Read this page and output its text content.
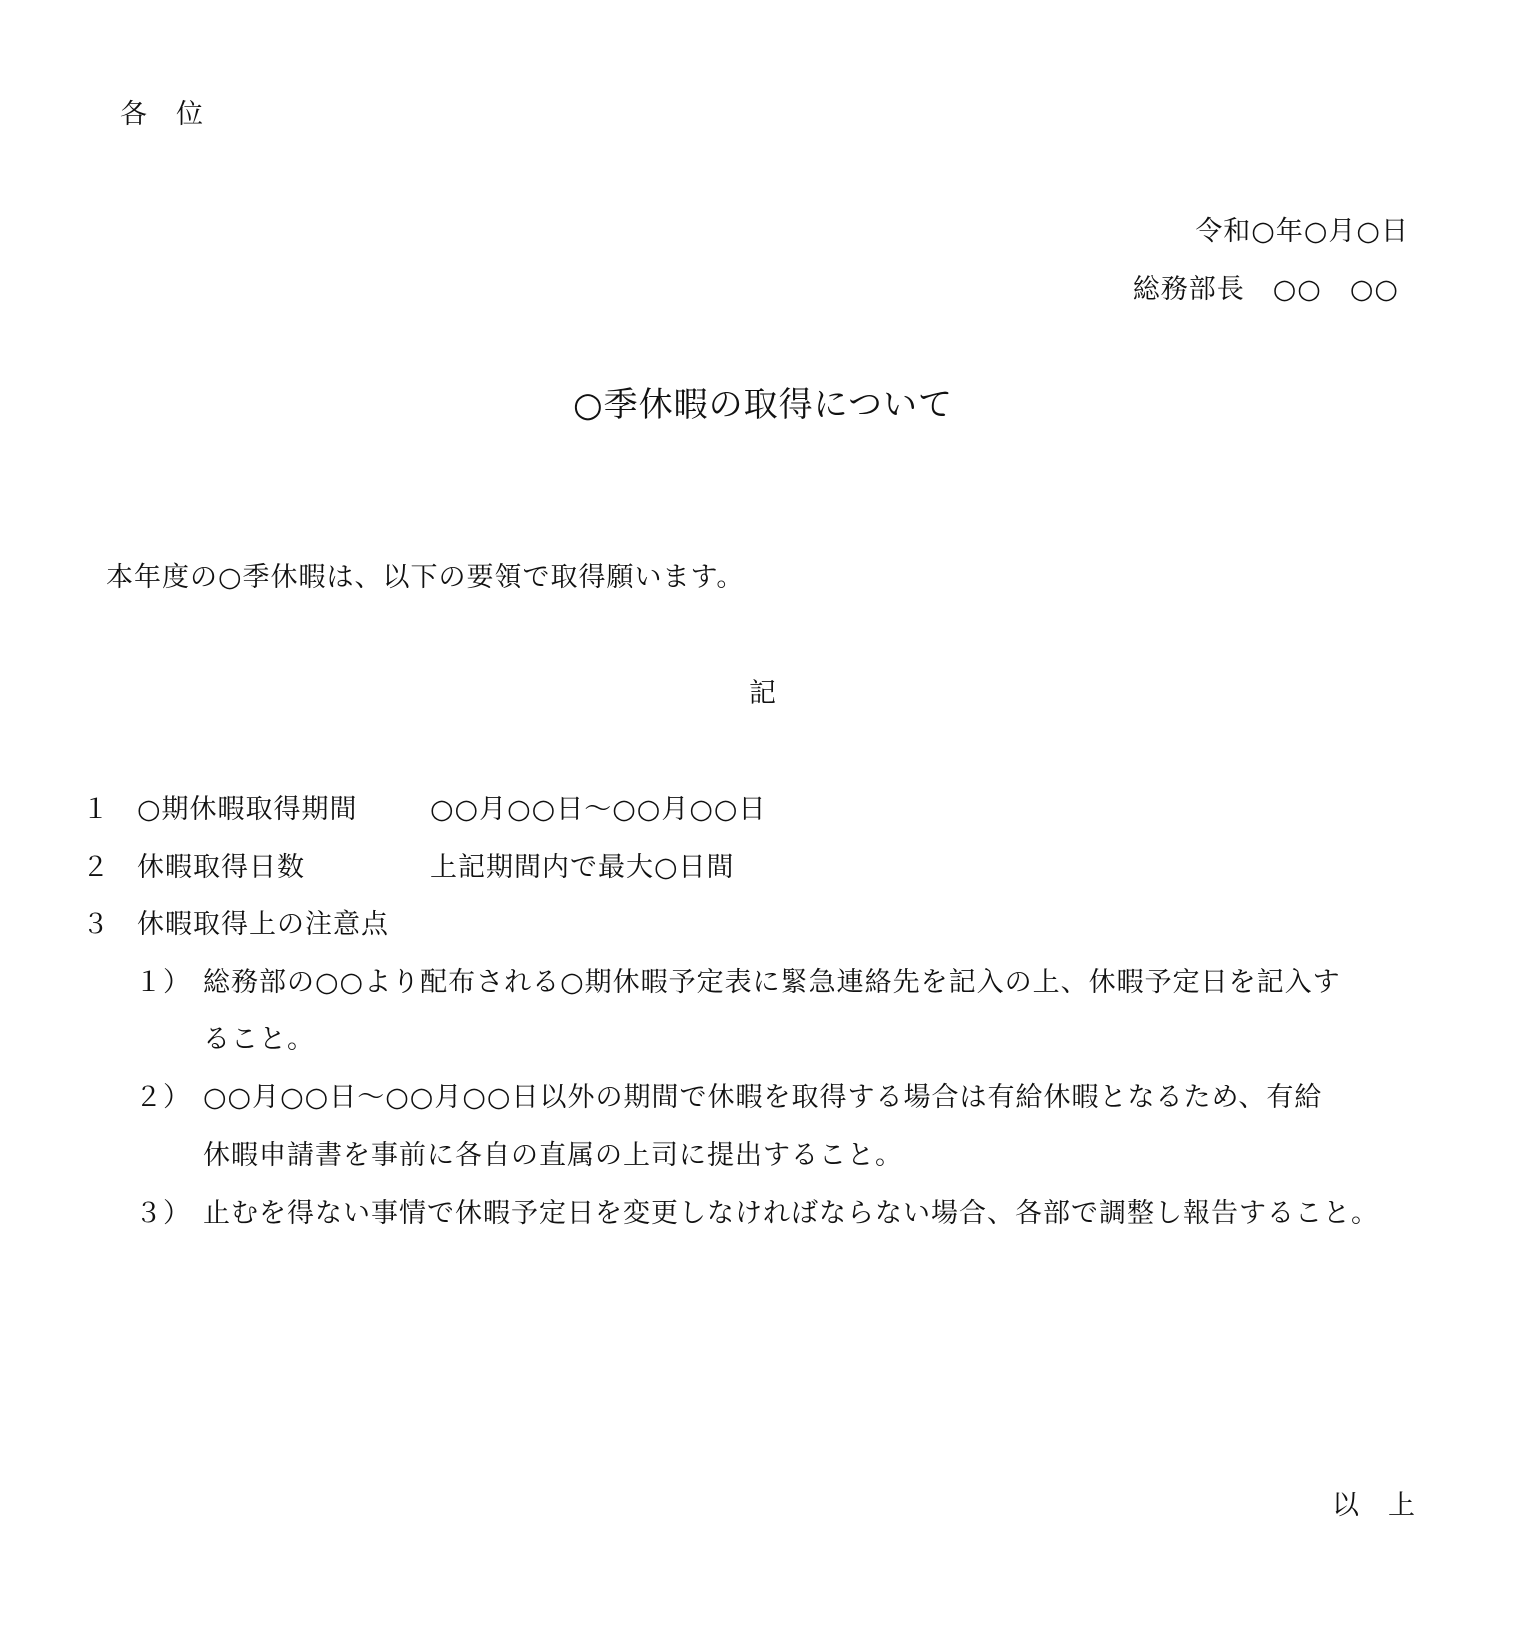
各　位
令和○年○月○日
総務部長　○○　○○
○季休暇の取得について
本年度の○季休暇は、以下の要領で取得願います。
記
１ ○期休暇取得期間	○○月○○日～○○月○○日
２ 休暇取得日数	上記期間内で最大○日間
３ 休暇取得上の注意点
１） 総務部の○○より配布される○期休暇予定表に緊急連絡先を記入の上、休暇予定日を記入す
ること。
２） ○○月○○日～○○月○○日以外の期間で休暇を取得する場合は有給休暇となるため、有給
休暇申請書を事前に各自の直属の上司に提出すること。
３） 止むを得ない事情で休暇予定日を変更しなければならない場合、各部で調整し報告すること。
以　上
